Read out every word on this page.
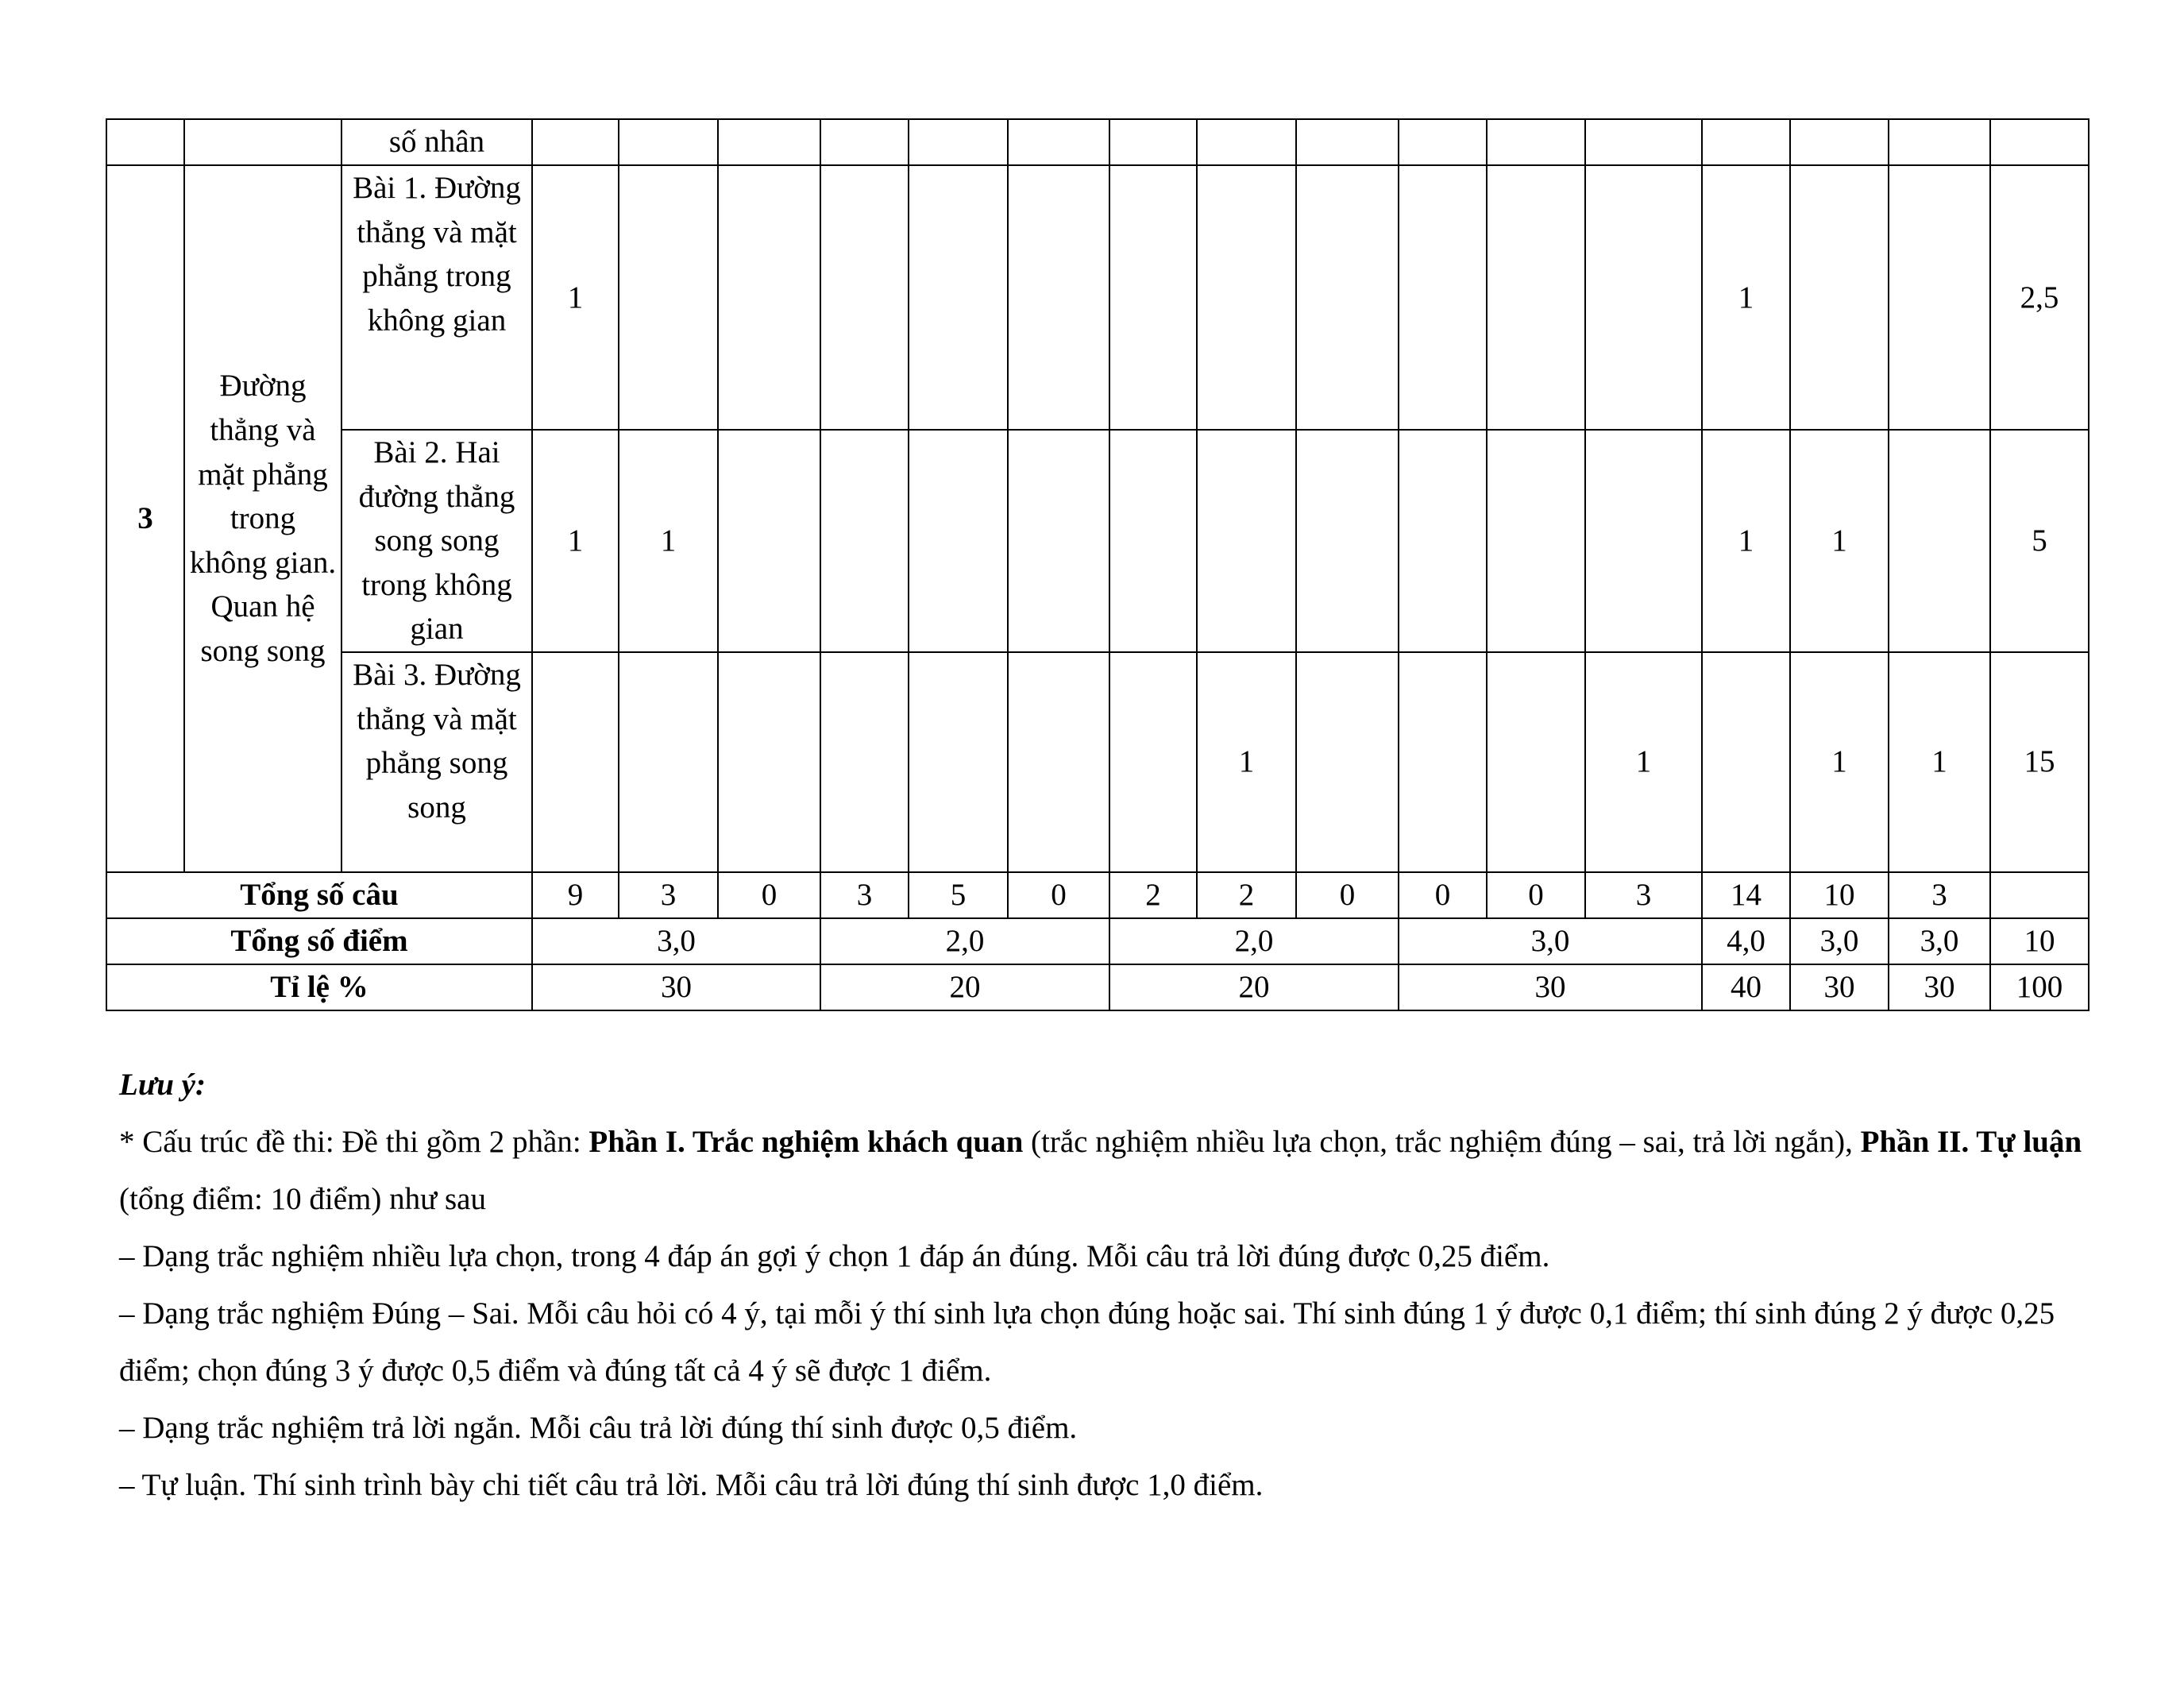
		số nhân																
3	Đường thẳng và mặt phẳng trong không gian. Quan hệ song song	Bài 1. Đường thẳng và mặt phẳng trong không gian	1												1			2,5
		Bài 2. Hai đường thẳng song song trong không gian	1	1											1	1		5
		Bài 3. Đường thẳng và mặt phẳng song song								1				1		1	1	15
Tổng số câu			9	3	0	3	5	0	2	2	0	0	0	3	14	10	3	
Tổng số điểm			3,0			2,0			2,0			3,0			4,0	3,0	3,0	10
Tỉ lệ %			30			20			20			30			40	30	30	100

Lưu ý:

* Cấu trúc đề thi: Đề thi gồm 2 phần: Phần I. Trắc nghiệm khách quan (trắc nghiệm nhiều lựa chọn, trắc nghiệm đúng – sai, trả lời ngắn), Phần II. Tự luận (tổng điểm: 10 điểm) như sau

– Dạng trắc nghiệm nhiều lựa chọn, trong 4 đáp án gợi ý chọn 1 đáp án đúng. Mỗi câu trả lời đúng được 0,25 điểm.

– Dạng trắc nghiệm Đúng – Sai. Mỗi câu hỏi có 4 ý, tại mỗi ý thí sinh lựa chọn đúng hoặc sai. Thí sinh đúng 1 ý được 0,1 điểm; thí sinh đúng 2 ý được 0,25 điểm; chọn đúng 3 ý được 0,5 điểm và đúng tất cả 4 ý sẽ được 1 điểm.

– Dạng trắc nghiệm trả lời ngắn. Mỗi câu trả lời đúng thí sinh được 0,5 điểm.

– Tự luận. Thí sinh trình bày chi tiết câu trả lời. Mỗi câu trả lời đúng thí sinh được 1,0 điểm.
